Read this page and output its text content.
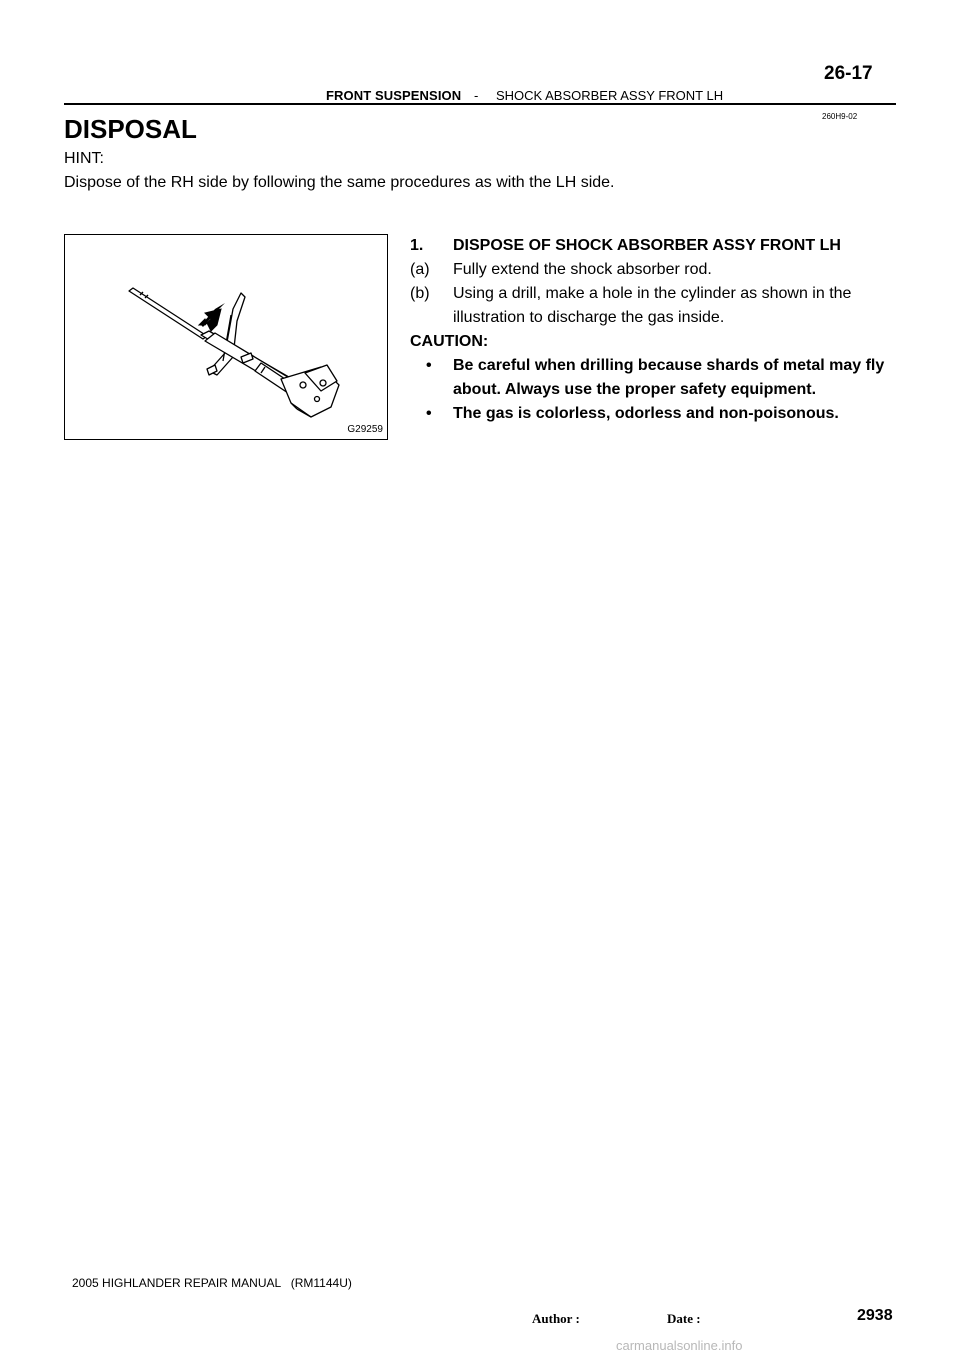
26-17
FRONT SUSPENSION - SHOCK ABSORBER ASSY FRONT LH
260H9-02
DISPOSAL
HINT:
Dispose of the RH side by following the same procedures as with the LH side.
G29259
1. DISPOSE OF SHOCK ABSORBER ASSY FRONT LH
(a) Fully extend the shock absorber rod.
(b) Using a drill, make a hole in the cylinder as shown in the illustration to discharge the gas inside.
CAUTION:
• Be careful when drilling because shards of metal may fly about. Always use the proper safety equipment.
• The gas is colorless, odorless and non-poisonous.
2005 HIGHLANDER REPAIR MANUAL   (RM1144U)
Author :	Date :	2938
carmanualsonline.info
